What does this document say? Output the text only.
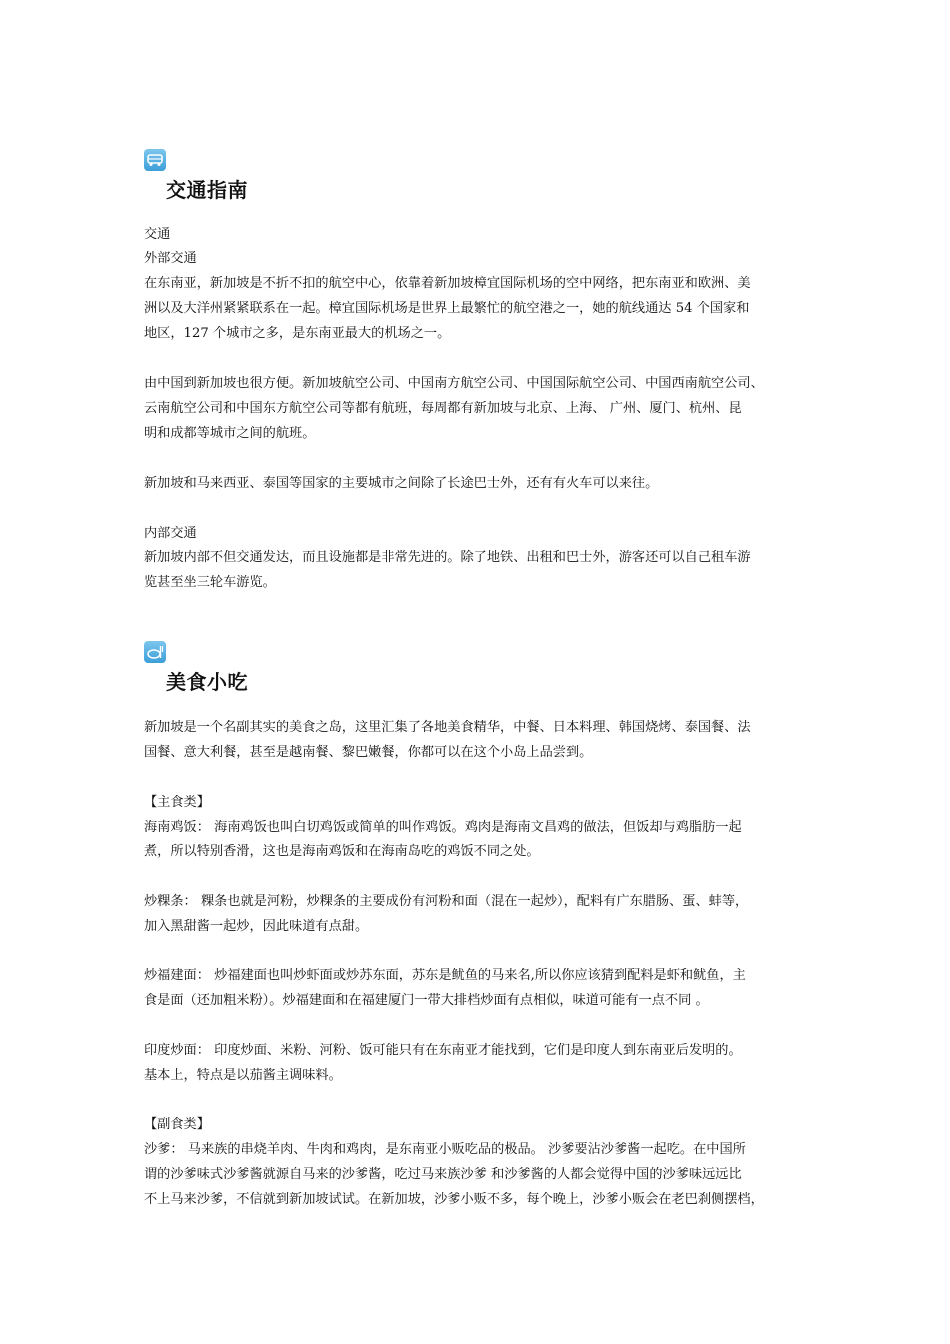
交通指南
交通
外部交通
在东南亚，新加坡是不折不扣的航空中心，依靠着新加坡樟宜国际机场的空中网络，把东南亚和欧洲、美
洲以及大洋州紧紧联系在一起。樟宜国际机场是世界上最繁忙的航空港之一，她的航线通达 54 个国家和
地区，127 个城市之多，是东南亚最大的机场之一。
由中国到新加坡也很方便。新加坡航空公司、中国南方航空公司、中国国际航空公司、中国西南航空公司、
云南航空公司和中国东方航空公司等都有航班，每周都有新加坡与北京、上海、 广州、厦门、杭州、昆
明和成都等城市之间的航班。
新加坡和马来西亚、泰国等国家的主要城市之间除了长途巴士外，还有有火车可以来往。
内部交通
新加坡内部不但交通发达，而且设施都是非常先进的。除了地铁、出租和巴士外，游客还可以自己租车游
览甚至坐三轮车游览。
美食小吃
新加坡是一个名副其实的美食之岛，这里汇集了各地美食精华，中餐、日本料理、韩国烧烤、泰国餐、法
国餐、意大利餐，甚至是越南餐、黎巴嫩餐，你都可以在这个小岛上品尝到。
【主食类】
海南鸡饭： 海南鸡饭也叫白切鸡饭或简单的叫作鸡饭。鸡肉是海南文昌鸡的做法，但饭却与鸡脂肪一起
煮，所以特别香滑，这也是海南鸡饭和在海南岛吃的鸡饭不同之处。
炒粿条： 粿条也就是河粉，炒粿条的主要成份有河粉和面（混在一起炒），配料有广东腊肠、蛋、蚌等，
加入黑甜酱一起炒，因此味道有点甜。
炒福建面： 炒福建面也叫炒虾面或炒苏东面，苏东是鱿鱼的马来名,所以你应该猜到配料是虾和鱿鱼，主
食是面（还加粗米粉）。炒福建面和在福建厦门一带大排档炒面有点相似，味道可能有一点不同 。
印度炒面： 印度炒面、米粉、河粉、饭可能只有在东南亚才能找到，它们是印度人到东南亚后发明的。
基本上，特点是以茄酱主调味料。
【副食类】
沙爹： 马来族的串烧羊肉、牛肉和鸡肉，是东南亚小贩吃品的极品。 沙爹要沾沙爹酱一起吃。在中国所
谓的沙爹味式沙爹酱就源自马来的沙爹酱，吃过马来族沙爹 和沙爹酱的人都会觉得中国的沙爹味远远比
不上马来沙爹，不信就到新加坡试试。在新加坡，沙爹小贩不多，每个晚上，沙爹小贩会在老巴刹侧摆档，
